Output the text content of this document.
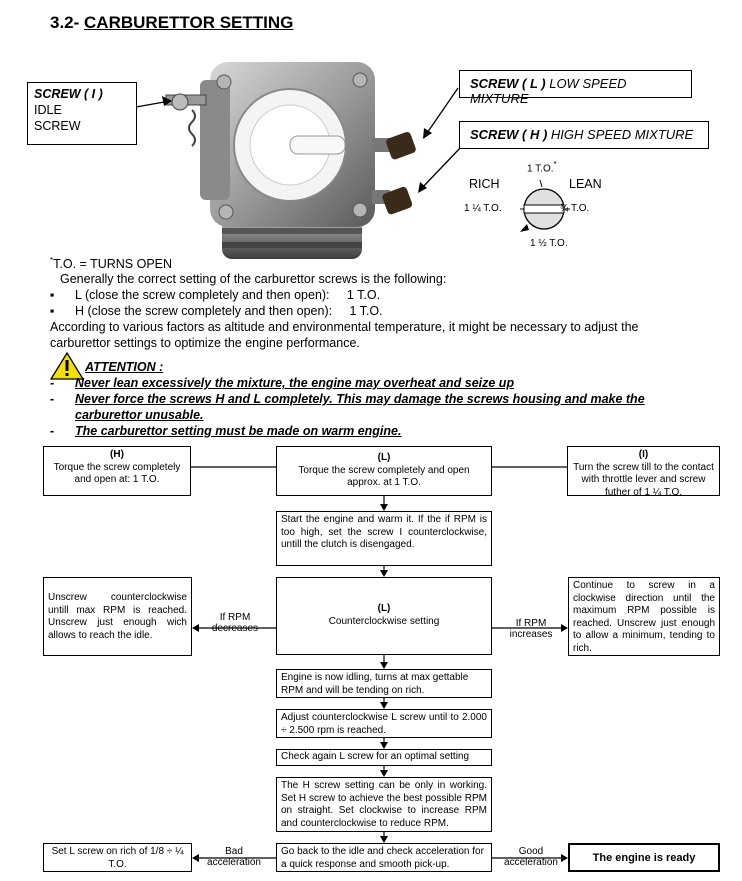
3.2- CARBURETTOR SETTING
SCREW ( I )
IDLE
SCREW
SCREW ( L ) LOW SPEED MIXTURE
SCREW ( H ) HIGH SPEED MIXTURE
1 T.O.*
RICH	LEAN
1 ¼ T.O.	¾ T.O.
1 ½ T.O.
*T.O. = TURNS OPEN
Generally the correct setting of the carburettor screws is the following:
▪ L (close the screw completely and then open): 1 T.O.
▪ H (close the screw completely and then open): 1 T.O.
According to various factors as altitude and environmental temperature, it might be necessary to adjust the
carburettor settings to optimize the engine performance.
ATTENTION :
- Never lean excessively the mixture, the engine may overheat and seize up
- Never force the screws H and L completely. This may damage the screws housing and make the
carburettor unusable.
- The carburettor setting must be made on warm engine.
(H)
Torque the screw completely and open at: 1 T.O.
(L)
Torque the screw completely and open approx. at 1 T.O.
(I)
Turn the screw till to the contact with throttle lever and screw futher of 1 ¼ T.O.
Start the engine and warm it. If the if RPM is too high, set the screw I counterclockwise, untill the clutch is disengaged.
(L)
Counterclockwise setting
Unscrew counterclockwise untill max RPM is reached. Unscrew just enough wich allows to reach the idle.
Continue to screw in a clockwise direction until the maximum RPM possible is reached. Unscrew just enough to allow a minimum, tending to rich.
If RPM
decreases	If RPM
increases
Engine is now idling, turns at max gettable RPM and will be tending on rich.
Adjust counterclockwise L screw until to 2.000 ÷ 2.500 rpm is reached.
Check again L screw for an optimal setting
The H screw setting can be only in working. Set H screw to achieve the best possible RPM on straight. Set clockwise to increase RPM and counterclockwise to reduce RPM.
Go back to the idle and check acceleration for a quick response and smooth pick-up.
Set L screw on rich of 1/8 ÷ ¼ T.O.
Bad
acceleration
Good
acceleration	The engine is ready
